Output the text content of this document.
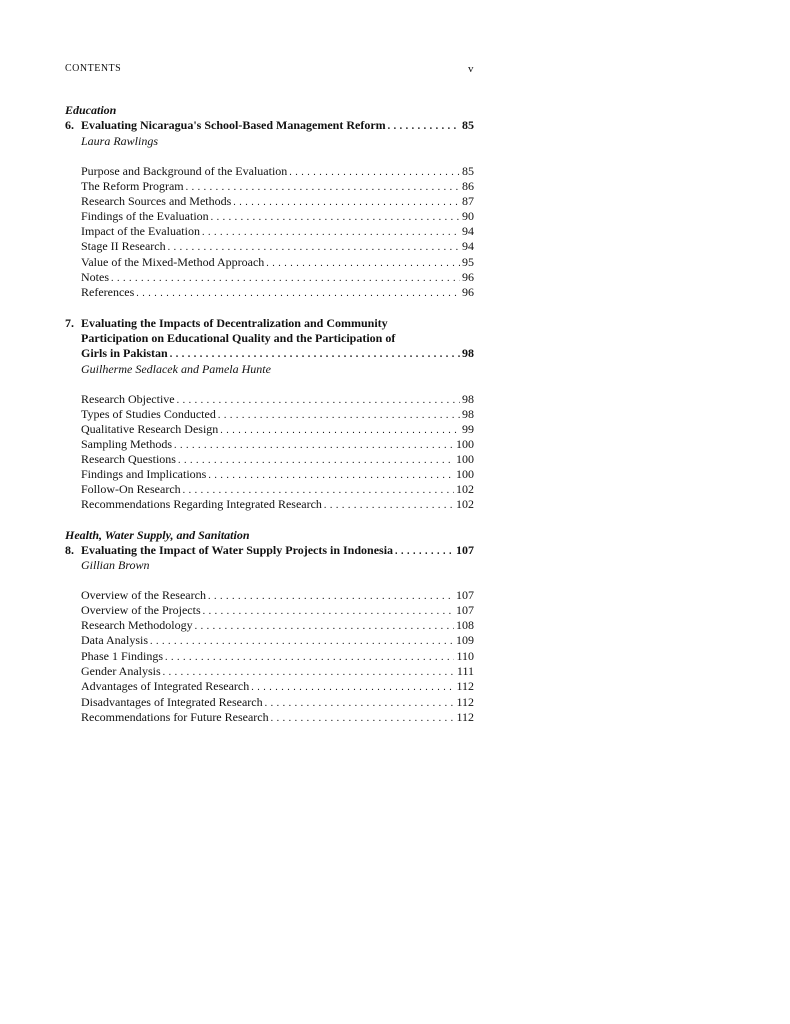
CONTENTS	v
Education
6. Evaluating Nicaragua's School-Based Management Reform . . .	85
Laura Rawlings
Purpose and Background of the Evaluation . . .	85
The Reform Program . . .	86
Research Sources and Methods . . .	87
Findings of the Evaluation . . .	90
Impact of the Evaluation . . .	94
Stage II Research . . .	94
Value of the Mixed-Method Approach . . .	95
Notes . . .	96
References . . .	96
7. Evaluating the Impacts of Decentralization and Community
Participation on Educational Quality and the Participation of
Girls in Pakistan . . .	98
Guilherme Sedlacek and Pamela Hunte
Research Objective . . .	98
Types of Studies Conducted . . .	98
Qualitative Research Design . . .	99
Sampling Methods . . .	100
Research Questions . . .	100
Findings and Implications . . .	100
Follow-On Research . . .	102
Recommendations Regarding Integrated Research . . .	102
Health, Water Supply, and Sanitation
8. Evaluating the Impact of Water Supply Projects in Indonesia . . .	107
Gillian Brown
Overview of the Research . . .	107
Overview of the Projects . . .	107
Research Methodology . . .	108
Data Analysis . . .	109
Phase 1 Findings . . .	110
Gender Analysis . . .	111
Advantages of Integrated Research . . .	112
Disadvantages of Integrated Research . . .	112
Recommendations for Future Research . . .	112
